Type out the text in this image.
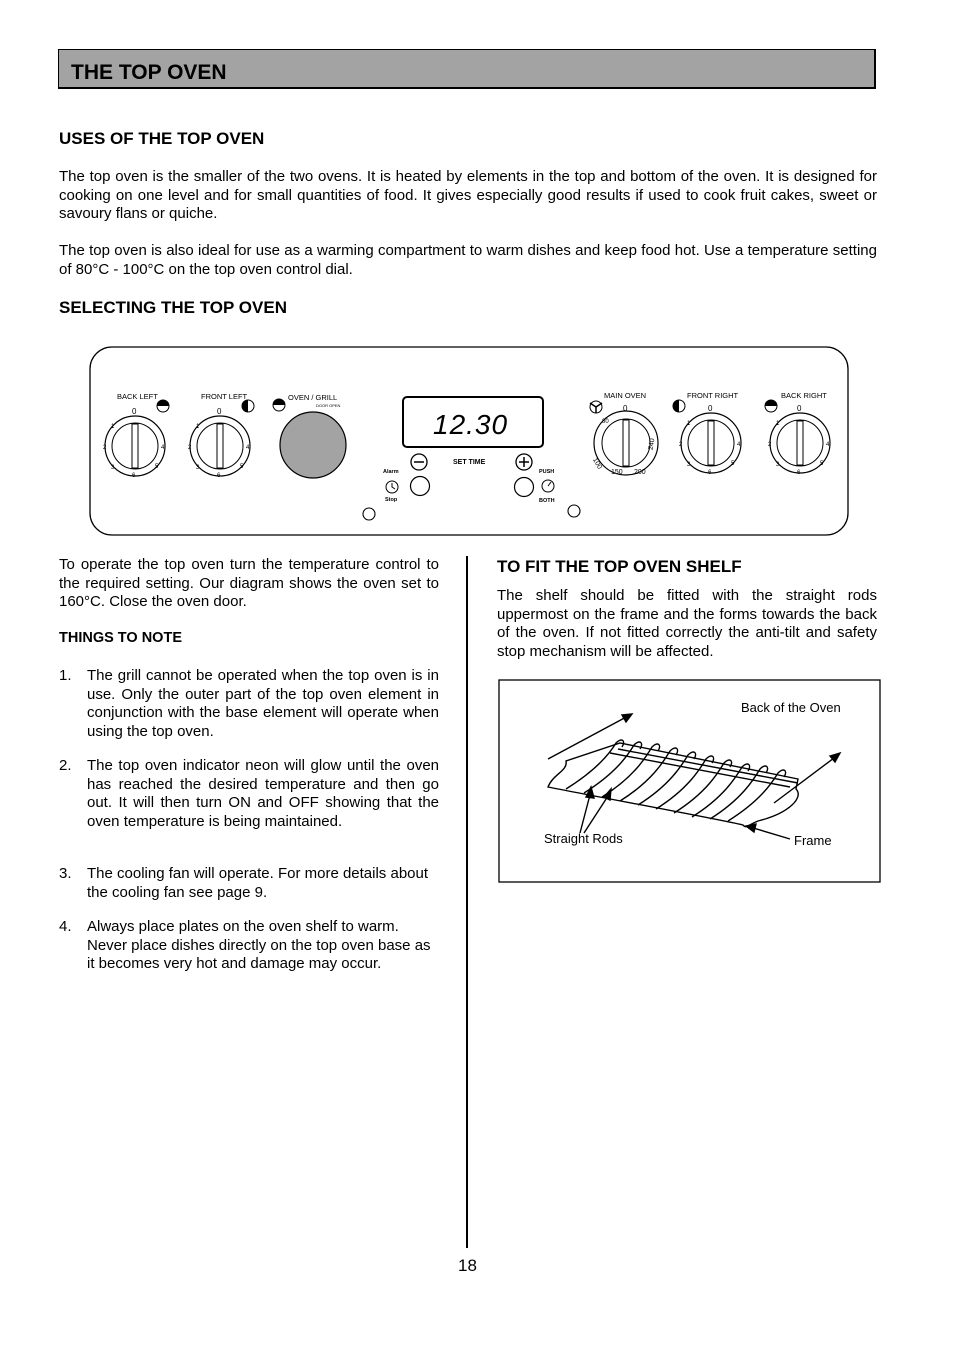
THE TOP OVEN
USES OF THE TOP OVEN
The top oven is the smaller of the two ovens. It is heated by elements in the top and bottom of the oven. It is designed for cooking on one level and for small quantities of food. It gives especially good results if used to cook fruit cakes, sweet or savoury flans or quiche.
The top oven is also ideal for use as a warming compartment to warm dishes and keep food hot. Use a temperature setting of 80°C - 100°C on the top oven control dial.
SELECTING THE TOP OVEN
BACK LEFT	FRONT LEFT	OVEN / GRILL
DOOR OPEN
MAIN OVEN	FRONT RIGHT	BACK RIGHT
0
1
2
3
6
5
4
0
1
2
3
6
5
4
12.30
SET TIME
Alarm
Stop
PUSH
BOTH
0
80
100
150 200
240
0
1
2
3
6
5
4
0
1
2
3
6
5
4
To operate the top oven turn the temperature control to the required setting. Our diagram shows the oven set to 160°C. Close the oven door.
THINGS TO NOTE
1. The grill cannot be operated when the top oven is in use. Only the outer part of the top oven element in conjunction with the base element will operate when using the top oven.
2. The top oven indicator neon will glow until the oven has reached the desired temperature and then go out. It will then turn ON and OFF showing that the oven temperature is being maintained.
3. The cooling fan will operate. For more details about the cooling fan see page 9.
4. Always place plates on the oven shelf to warm. Never place dishes directly on the top oven base as it becomes very hot and damage may occur.
TO FIT THE TOP OVEN SHELF
The shelf should be fitted with the straight rods uppermost on the frame and the forms towards the back of the oven. If not fitted correctly the anti-tilt and safety stop mechanism will be affected.
Back of the Oven
Straight Rods	Frame
18
